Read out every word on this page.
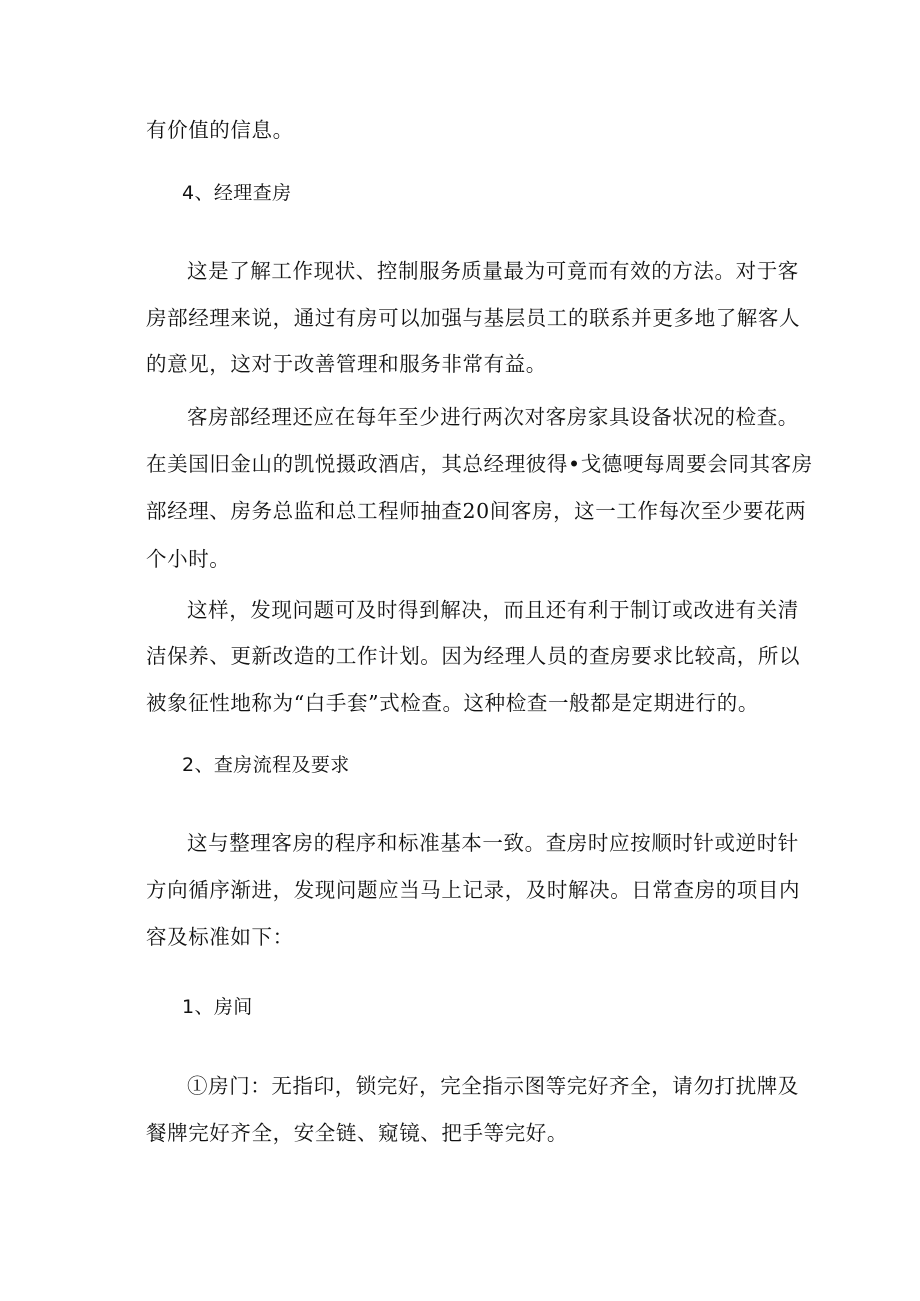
有价值的信息。
4、经理查房
这是了解工作现状、控制服务质量最为可竟而有效的方法。对于客
房部经理来说，通过有房可以加强与基层员工的联系并更多地了解客人
的意见，这对于改善管理和服务非常有益。
客房部经理还应在每年至少进行两次对客房家具设备状况的检查。
在美国旧金山的凯悦摄政酒店，其总经理彼得•戈德哽每周要会同其客房
部经理、房务总监和总工程师抽查20间客房，这一工作每次至少要花两
个小时。
这样，发现问题可及时得到解决，而且还有利于制订或改进有关清
洁保养、更新改造的工作计划。因为经理人员的查房要求比较高，所以
被象征性地称为“白手套”式检查。这种检查一般都是定期进行的。
2、查房流程及要求
这与整理客房的程序和标准基本一致。查房时应按顺时针或逆时针
方向循序渐进，发现问题应当马上记录，及时解决。日常查房的项目内
容及标准如下：
1、房间
①房门：无指印，锁完好，完全指示图等完好齐全，请勿打扰牌及
餐牌完好齐全，安全链、窥镜、把手等完好。
